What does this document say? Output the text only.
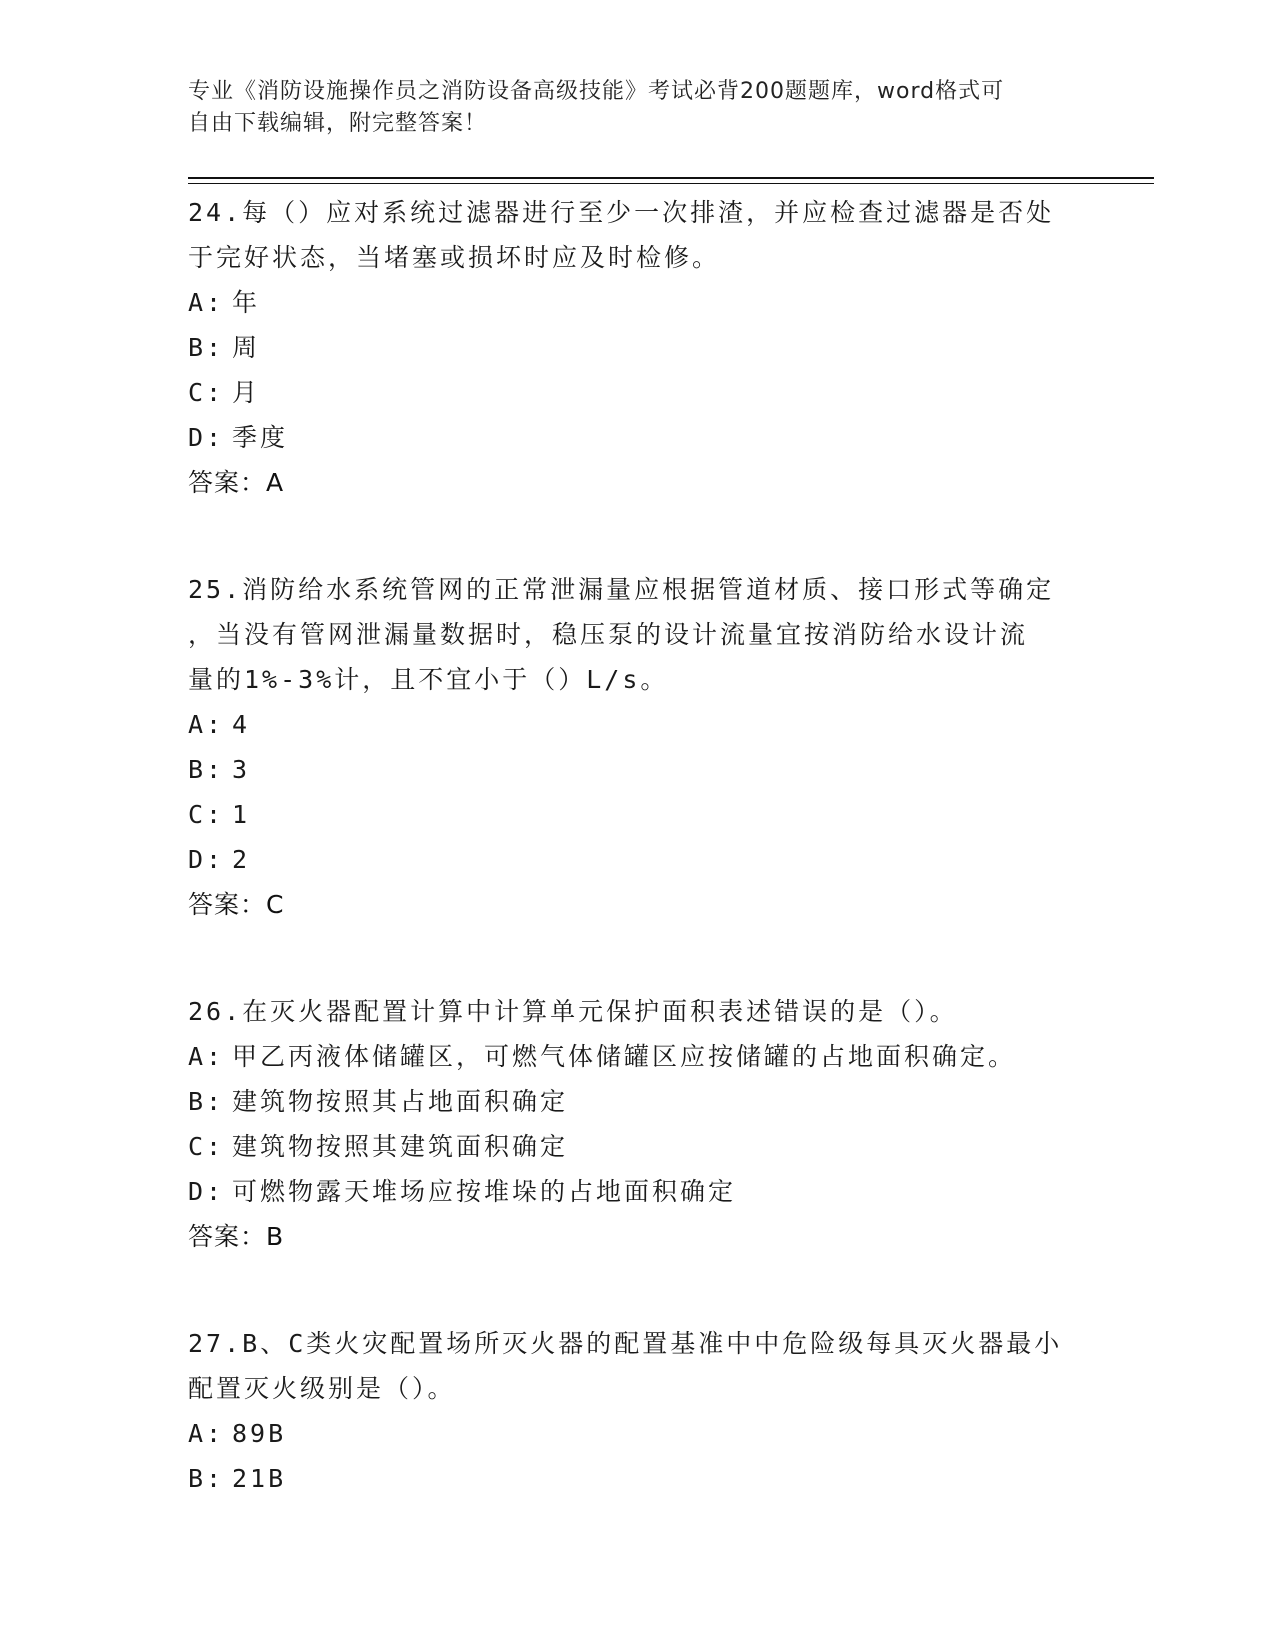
专业《消防设施操作员之消防设备高级技能》考试必背200题题库，word格式可
自由下载编辑，附完整答案！
24.每（）应对系统过滤器进行至少一次排渣，并应检查过滤器是否处
于完好状态，当堵塞或损坏时应及时检修。
A: 年
B: 周
C: 月
D: 季度
答案：A
25.消防给水系统管网的正常泄漏量应根据管道材质、接口形式等确定
，当没有管网泄漏量数据时，稳压泵的设计流量宜按消防给水设计流
量的1%-3%计，且不宜小于（）L/s。
A: 4
B: 3
C: 1
D: 2
答案：C
26.在灭火器配置计算中计算单元保护面积表述错误的是（）。
A: 甲乙丙液体储罐区，可燃气体储罐区应按储罐的占地面积确定。
B: 建筑物按照其占地面积确定
C: 建筑物按照其建筑面积确定
D: 可燃物露天堆场应按堆垛的占地面积确定
答案：B
27.B、C类火灾配置场所灭火器的配置基准中中危险级每具灭火器最小
配置灭火级别是（）。
A: 89B
B: 21B
